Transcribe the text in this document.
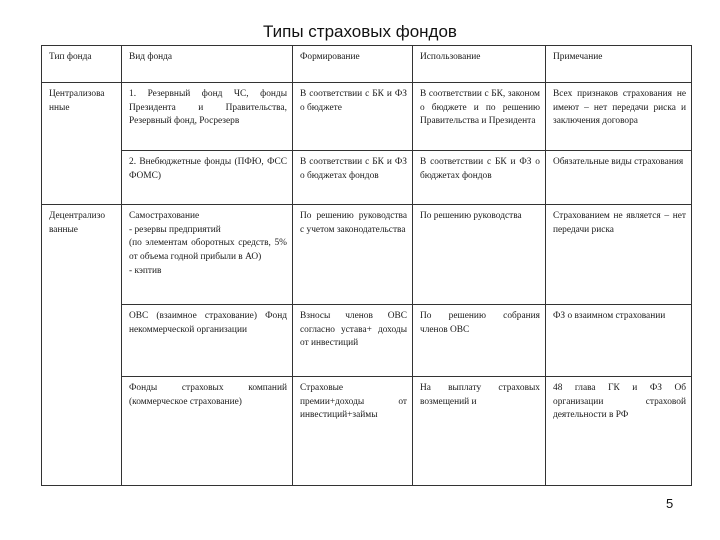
Типы страховых фондов
Тип фонда	Вид фонда	Формирование	Использование	Примечание
Централизова нные	1. Резервный фонд ЧС, фонды Президента и Правительства, Резервный фонд, Росрезерв	В соответствии с БК и ФЗ о бюджете	В соответствии с БК, законом о бюджете и по решению Правительства и Президента	Всех признаков страхования не имеют – нет передачи риска и заключения договора
	2. Внебюджетные фонды (ПФЮ, ФСС ФОМС)	В соответствии с БК и ФЗ о бюджетах фондов	В соответствии с БК и ФЗ о бюджетах фондов	Обязательные виды страхования
Децентрализо ванные	Самострахование
- резервы предприятий
(по элементам оборотных средств, 5% от объема годной прибыли в АО)
- кэптив	По решению руководства с учетом законодательства	По решению руководства	Страхованием не является – нет передачи риска
	ОВС (взаимное страхование) Фонд некоммерческой организации	Взносы членов ОВС согласно устава+ доходы от инвестиций	По решению собрания членов ОВС	ФЗ о взаимном страховании
	Фонды страховых компаний (коммерческое страхование)	Страховые премии+доходы от инвестиций+займы	На выплату страховых возмещений и	48 глава ГК и ФЗ Об организации страховой деятельности в РФ
5
